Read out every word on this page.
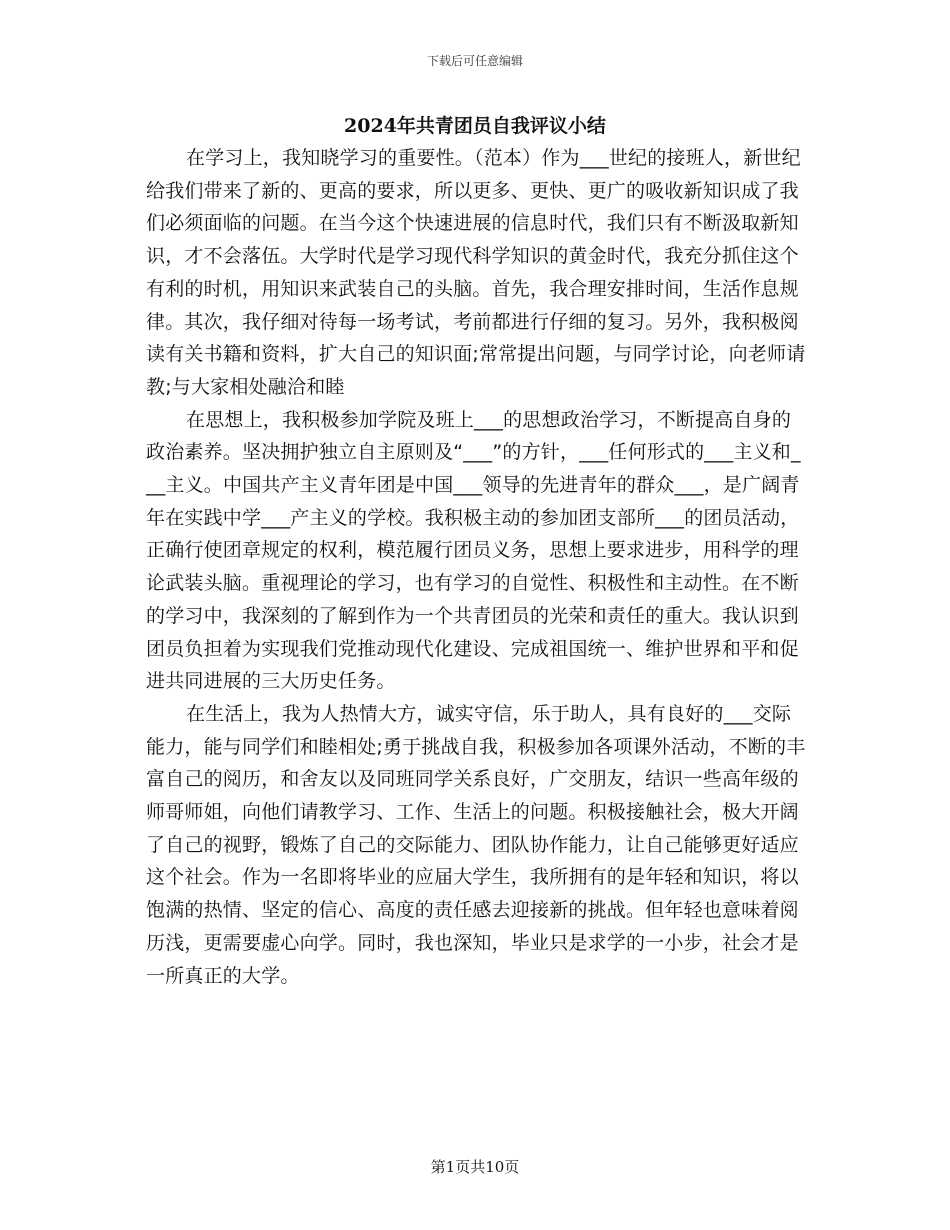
下载后可任意编辑
2024年共青团员自我评议小结

在学习上，我知晓学习的重要性。（范本）作为___世纪的接班人，新世纪给我们带来了新的、更高的要求，所以更多、更快、更广的吸收新知识成了我们必须面临的问题。在当今这个快速进展的信息时代，我们只有不断汲取新知识，才不会落伍。大学时代是学习现代科学知识的黄金时代，我充分抓住这个有利的时机，用知识来武装自己的头脑。首先，我合理安排时间，生活作息规律。其次，我仔细对待每一场考试，考前都进行仔细的复习。另外，我积极阅读有关书籍和资料，扩大自己的知识面;常常提出问题，与同学讨论，向老师请教;与大家相处融洽和睦

在思想上，我积极参加学院及班上___的思想政治学习，不断提高自身的政治素养。坚决拥护独立自主原则及“___”的方针，___任何形式的___主义和___主义。中国共产主义青年团是中国___领导的先进青年的群众___，是广阔青年在实践中学___产主义的学校。我积极主动的参加团支部所___的团员活动，正确行使团章规定的权利，模范履行团员义务，思想上要求进步，用科学的理论武装头脑。重视理论的学习，也有学习的自觉性、积极性和主动性。在不断的学习中，我深刻的了解到作为一个共青团员的光荣和责任的重大。我认识到团员负担着为实现我们党推动现代化建设、完成祖国统一、维护世界和平和促进共同进展的三大历史任务。

在生活上，我为人热情大方，诚实守信，乐于助人，具有良好的___交际能力，能与同学们和睦相处;勇于挑战自我，积极参加各项课外活动，不断的丰富自己的阅历，和舍友以及同班同学关系良好，广交朋友，结识一些高年级的师哥师姐，向他们请教学习、工作、生活上的问题。积极接触社会，极大开阔了自己的视野，锻炼了自己的交际能力、团队协作能力，让自己能够更好适应这个社会。作为一名即将毕业的应届大学生，我所拥有的是年轻和知识，将以饱满的热情、坚定的信心、高度的责任感去迎接新的挑战。但年轻也意味着阅历浅，更需要虚心向学。同时，我也深知，毕业只是求学的一小步，社会才是一所真正的大学。

第1页共10页
